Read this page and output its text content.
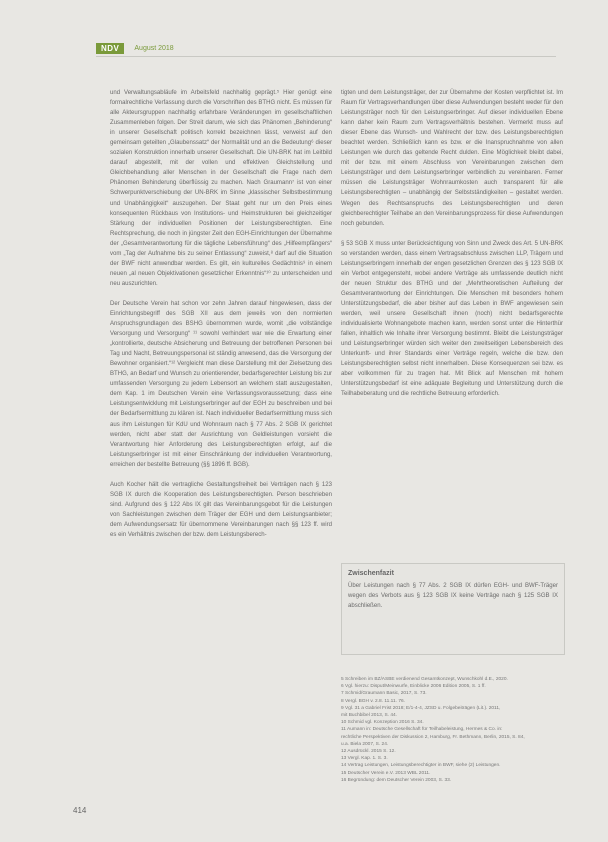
NDV	August 2018

und Verwaltungsabläufe im Arbeitsfeld nachhaltig geprägt.⁵ Hier genügt eine formalrechtliche Verfassung durch die Vorschriften des BTHG nicht. Es müssen für alle Akteursgruppen nachhaltig erfahrbare Veränderungen im gesellschaftlichen Zusammenleben folgen. Der Streit darum, wie sich das Phänomen „Behinderung“ in unserer Gesellschaft politisch korrekt bezeichnen lässt, verweist auf den gemeinsam geteilten „Glaubenssatz“ der Normalität und an die Bedeutung⁶ dieser sozialen Konstruktion innerhalb unserer Gesellschaft. Die UN-BRK hat im Leitbild darauf abgestellt, mit der vollen und effektiven Gleichstellung und Gleichbehandlung aller Menschen in der Gesellschaft die Frage nach dem Phänomen Behinderung überflüssig zu machen. Nach Graumann⁷ ist von einer Schwerpunktverschiebung der UN-BRK im Sinne „klassischer Selbstbestimmung und Unabhängigkeit“ auszugehen. Der Staat geht nur um den Preis eines konsequenten Rückbaus von Institutions- und Heimstrukturen bei gleichzeitiger Stärkung der individuellen Positionen der Leistungsberechtigten. Eine Rechtsprechung, die noch in jüngster Zeit den EGH-Einrichtungen der Übernahme der „Gesamtverantwortung für die tägliche Lebensführung“ des „Hilfeempfängers“ vom „Tag der Aufnahme bis zu seiner Entlassung“ zuweist,⁸ darf auf die Situation der BWF nicht anwendbar werden. Es gilt, ein kulturelles Gedächtnis⁹ in einem neuen „al neuen Objektivationen gesetzlicher Erkenntnis“¹⁰ zu unterscheiden und neu auszurichten.

Der Deutsche Verein hat schon vor zehn Jahren darauf hingewiesen, dass der Einrichtungsbegriff des SGB XII aus dem jeweils von den normierten Anspruchsgrundlagen des BSHG übernommen wurde, womit „die vollständige Versorgung und Versorgung“ ¹¹ sowohl verhindert war wie die Erwartung einer „kontrollierte, deutsche Absicherung und Betreuung der betroffenen Personen bei Tag und Nacht, Betreuungspersonal ist ständig anwesend, das die Versorgung der Bewohner organisiert.“¹² Vergleicht man diese Darstellung mit der Zielsetzung des BTHG, an Bedarf und Wunsch zu orientierender, bedarfsgerechter Leistung bis zur umfassenden Versorgung zu jedem Lebensort an welchem statt auszugestalten, dem Kap. 1 im Deutschen Verein eine Verfassungsvoraussetzung; dass eine Leistungsentwicklung mit Leistungserbringer auf der EGH zu beschreiben und bei der Bedarfsermittlung zu klären ist. Nach individueller Bedarfsermittlung muss sich aus ihm Leistungen für KdU und Wohnraum nach § 77 Abs. 2 SGB IX gerichtet werden, nicht aber statt der Ausrichtung von Geldleistungen vorsieht die Verantwortung hier Anforderung des Leistungsberechtigten erfolgt, auf die Leistungserbringer ist mit einer Einschränkung der individuellen Verantwortung, erreichen der bestellte Betreuung (§§ 1896 ff. BGB).

Auch Kocher hält die vertragliche Gestaltungsfreiheit bei Verträgen nach § 123 SGB IX durch die Kooperation des Leistungsberechtigten. Person beschrieben sind. Aufgrund des § 122 Abs IX gilt das Vereinbarungsgebot für die Leistungen von Sachleistungen zwischen dem Träger der EGH und dem Leistungsanbieter; dem Aufwendungsersatz für übernommene Vereinbarungen nach §§ 123 ff. wird es ein Verhältnis zwischen der bzw. dem Leistungsberech-

tigten und dem Leistungsträger, der zur Übernahme der Kosten verpflichtet ist. Im Raum für Vertragsverhandlungen über diese Aufwendungen besteht weder für den Leistungsträger noch für den Leistungserbringer. Auf dieser individuellen Ebene kann daher kein Raum zum Vertragsverhältnis bestehen. Vermerkt muss auf dieser Ebene das Wunsch- und Wahlrecht der bzw. des Leistungsberechtigten beachtet werden. Schließlich kann es bzw. er die Inanspruchnahme von allen Leistungen wie durch das geltende Recht dulden. Eine Möglichkeit bleibt dabei, mit der bzw. mit einem Abschluss von Vereinbarungen zwischen dem Leistungsträger und dem Leistungserbringer verbindlich zu vereinbaren. Ferner müssen die Leistungsträger Wohnraumkosten auch transparent für alle Leistungsberechtigten – unabhängig der Selbstständigkeiten – gestaltet werden. Wegen des Rechtsanspruchs des Leistungsberechtigten und deren gleichberechtigter Teilhabe an den Vereinbarungsprozess für diese Aufwendungen noch gebunden.

§ 53 SGB X muss unter Berücksichtigung von Sinn und Zweck des Art. 5 UN-BRK so verstanden werden, dass einem Vertragsabschluss zwischen LLP, Trägern und Leistungserbringern innerhalb der engen gesetzlichen Grenzen des § 123 SGB IX ein Verbot entgegensteht, wobei andere Verträge als umfassende deutlich nicht der neuen Struktur des BTHG und der „Mehrtheoretischen Aufteilung der Gesamtverantwortung der Einrichtungen. Die Menschen mit besonders hohem Unterstützungsbedarf, die aber bisher auf das Leben in BWF angewiesen sein werden, weil unsere Gesellschaft ihnen (noch) nicht bedarfsgerechte individualisierte Wohnangebote machen kann, werden sonst unter die Hinterthür fallen, inhaltlich wie Inhalte ihrer Versorgung bestimmt. Bleibt die Leistungsträger und Leistungserbringer würden sich weiter den zweitseitigen Lebensbereich des Unterkunft- und ihrer Standards einer Verträge regeln, welche die bzw. den Leistungsberechtigten selbst nicht innerhalben. Diese Konsequenzen sei bzw. es aber vollkommen für zu tragen hat. Mit Blick auf Menschen mit hohem Unterstützungsbedarf ist eine adäquate Begleitung und Unterstützung durch die Teilhabeberatung und die rechtliche Betreuung erforderlich.

Zwischenfazit
Über Leistungen nach § 77 Abs. 2 SGB IX dürfen EGH- und BWF-Träger wegen des Verbots aus § 123 SGB IX keine Verträge nach § 125 SGB IX abschließen.
5 Schreiben im BZ/ASBE verdienend Gesamtkonzept, Wunschkohl d.E., 2020.
6 Vgl. hierzu: Disput/Meinwurfe, Einblicke 2006 Edition 2005, S. 1 ff.
7 Schmid/Graumann Basic, 2017, S. 73.
8 Vergl. BGH v. 2.8. 11.11. 76.
9 Vgl. 31 a Gabriel Frist 2018; E/1-4-4, JZSD u. Folgebeiträgen (Lit.). 2011,
mit Buchbibel 2013, S. 44.
10 Schmid vgl. Konzeption 2016 S. 34.
11 Aumann in: Deutsche Gesellschaft für Teilhabeleistung, Hermes & Co. in:
rechtliche Perspektiven der Diskussion 2, Hamburg, Fr. Bethmann, Berlin, 2015, S. 84,
u.a. Biela 2007, S. 24.
12 Ausdrückl. 2015 S. 12.
13 Vergl. Kap. 1. S. 3.
14 Vertrag Leistungen, Leistungsberechtigter in BWF, siehe (2) Leistungen.
15 Deutscher Verein e.V. 2013 WBL 2011.
16 Begründung: dem Deutscher Verein 2003, S. 33.
414
